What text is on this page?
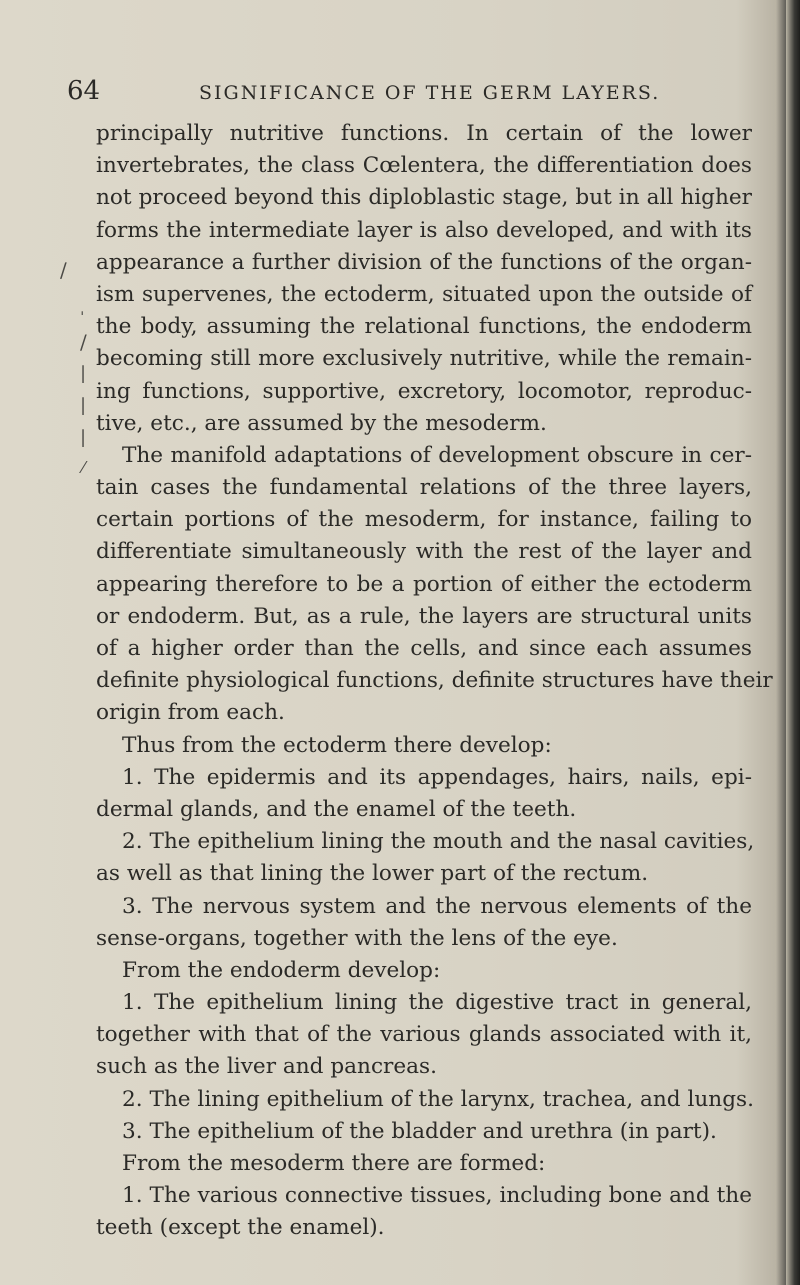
64	SIGNIFICANCE OF THE GERM LAYERS.
principally nutritive functions. In certain of the lower
invertebrates, the class Cœlentera, the differentiation does
not proceed beyond this diploblastic stage, but in all higher
forms the intermediate layer is also developed, and with its
appearance a further division of the functions of the organ-
ism supervenes, the ectoderm, situated upon the outside of
the body, assuming the relational functions, the endoderm
becoming still more exclusively nutritive, while the remain-
ing functions, supportive, excretory, locomotor, reproduc-
tive, etc., are assumed by the mesoderm.
The manifold adaptations of development obscure in cer-
tain cases the fundamental relations of the three layers,
certain portions of the mesoderm, for instance, failing to
differentiate simultaneously with the rest of the layer and
appearing therefore to be a portion of either the ectoderm
or endoderm. But, as a rule, the layers are structural units
of a higher order than the cells, and since each assumes
definite physiological functions, definite structures have their
origin from each.
Thus from the ectoderm there develop:
1. The epidermis and its appendages, hairs, nails, epi-
dermal glands, and the enamel of the teeth.
2. The epithelium lining the mouth and the nasal cavities,
as well as that lining the lower part of the rectum.
3. The nervous system and the nervous elements of the
sense-organs, together with the lens of the eye.
From the endoderm develop:
1. The epithelium lining the digestive tract in general,
together with that of the various glands associated with it,
such as the liver and pancreas.
2. The lining epithelium of the larynx, trachea, and lungs.
3. The epithelium of the bladder and urethra (in part).
From the mesoderm there are formed:
1. The various connective tissues, including bone and the
teeth (except the enamel).
∕
ˌ
/
|
|
|
⁄
